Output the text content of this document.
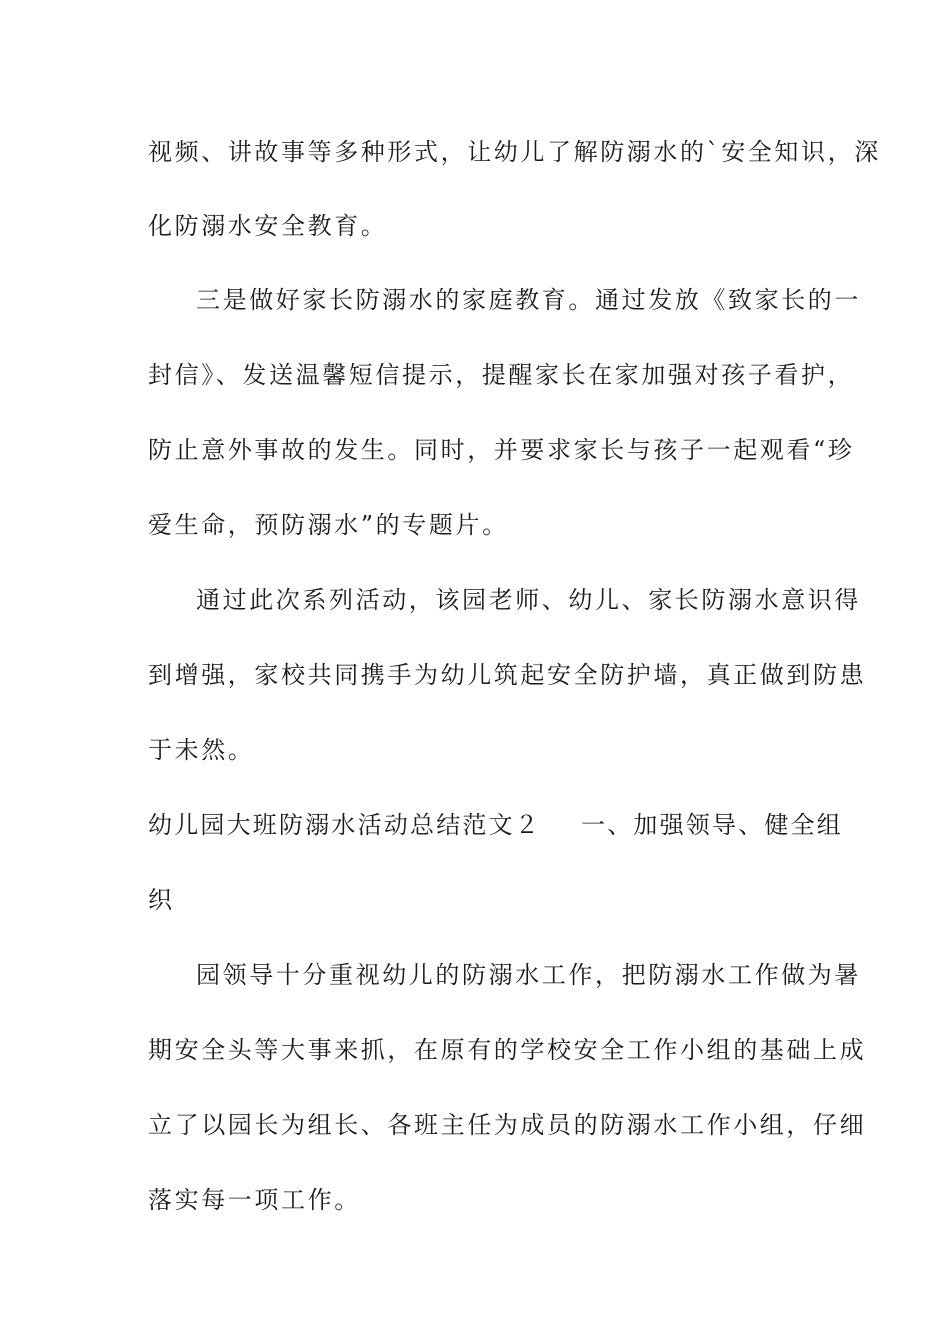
视频、讲故事等多种形式，让幼儿了解防溺水的`安全知识，深
化防溺水安全教育。
三是做好家长防溺水的家庭教育。通过发放《致家长的一
封信》、发送温馨短信提示，提醒家长在家加强对孩子看护，
防止意外事故的发生。同时，并要求家长与孩子一起观看“珍
爱生命，预防溺水”的专题片。
通过此次系列活动，该园老师、幼儿、家长防溺水意识得
到增强，家校共同携手为幼儿筑起安全防护墙，真正做到防患
于未然。
幼儿园大班防溺水活动总结范文２ 一、加强领导、健全组
织
园领导十分重视幼儿的防溺水工作，把防溺水工作做为暑
期安全头等大事来抓，在原有的学校安全工作小组的基础上成
立了以园长为组长、各班主任为成员的防溺水工作小组，仔细
落实每一项工作。
